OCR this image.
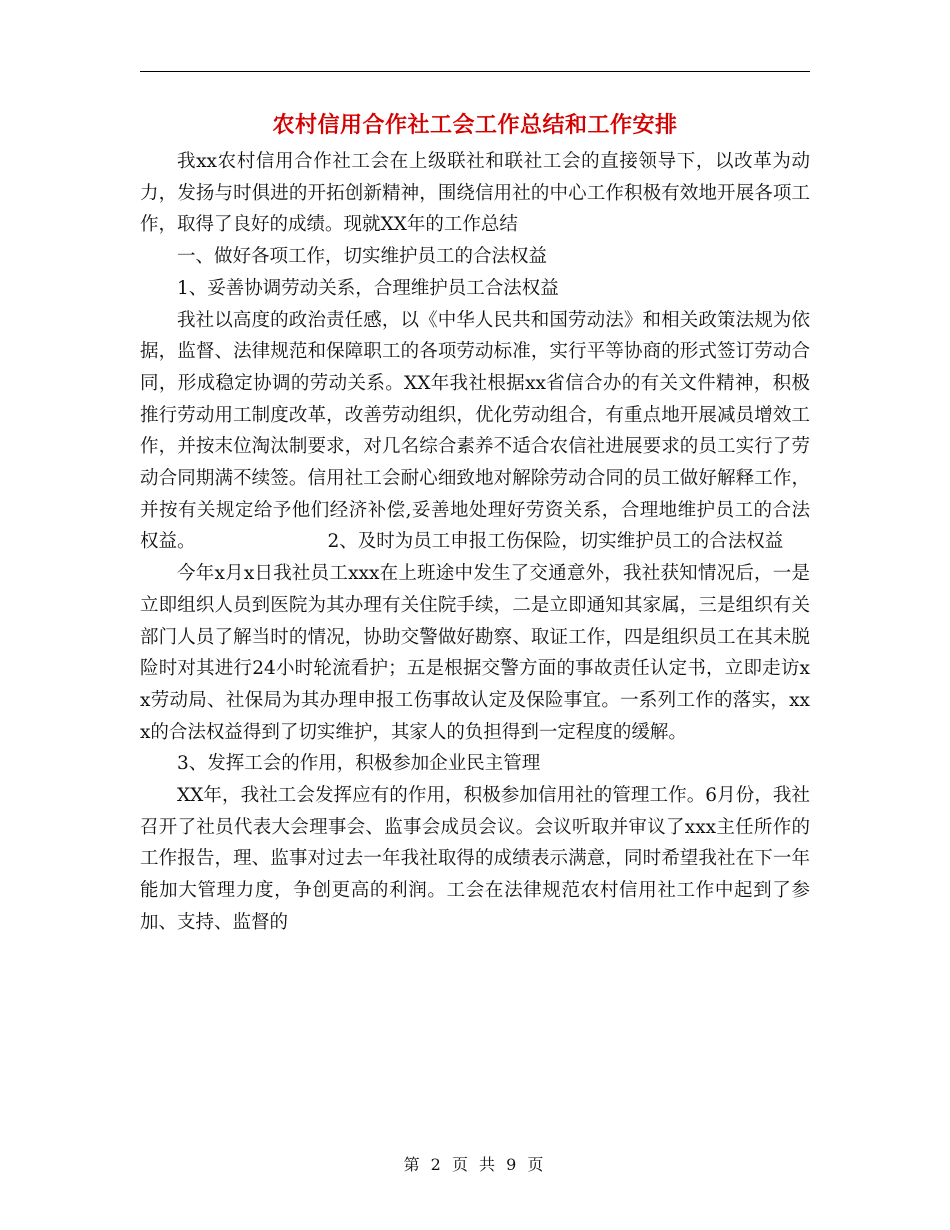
农村信用合作社工会工作总结和工作安排

我xx农村信用合作社工会在上级联社和联社工会的直接领导下，以改革为动力，发扬与时俱进的开拓创新精神，围绕信用社的中心工作积极有效地开展各项工作，取得了良好的成绩。现就XX年的工作总结

一、做好各项工作，切实维护员工的合法权益

1、妥善协调劳动关系，合理维护员工合法权益

我社以高度的政治责任感，以《中华人民共和国劳动法》和相关政策法规为依据，监督、法律规范和保障职工的各项劳动标准，实行平等协商的形式签订劳动合同，形成稳定协调的劳动关系。XX年我社根据xx省信合办的有关文件精神，积极推行劳动用工制度改革，改善劳动组织，优化劳动组合，有重点地开展减员增效工作，并按末位淘汰制要求，对几名综合素养不适合农信社进展要求的员工实行了劳动合同期满不续签。信用社工会耐心细致地对解除劳动合同的员工做好解释工作，并按有关规定给予他们经济补偿,妥善地处理好劳资关系，合理地维护员工的合法权益。	2、及时为员工申报工伤保险，切实维护员工的合法权益

今年x月x日我社员工xxx在上班途中发生了交通意外，我社获知情况后，一是立即组织人员到医院为其办理有关住院手续，二是立即通知其家属，三是组织有关部门人员了解当时的情况，协助交警做好勘察、取证工作，四是组织员工在其未脱险时对其进行24小时轮流看护；五是根据交警方面的事故责任认定书，立即走访xx劳动局、社保局为其办理申报工伤事故认定及保险事宜。一系列工作的落实，xxx的合法权益得到了切实维护，其家人的负担得到一定程度的缓解。

3、发挥工会的作用，积极参加企业民主管理

XX年，我社工会发挥应有的作用，积极参加信用社的管理工作。6月份，我社召开了社员代表大会理事会、监事会成员会议。会议听取并审议了xxx主任所作的工作报告，理、监事对过去一年我社取得的成绩表示满意，同时希望我社在下一年能加大管理力度，争创更高的利润。工会在法律规范农村信用社工作中起到了参加、支持、监督的

第 2 页 共 9 页
